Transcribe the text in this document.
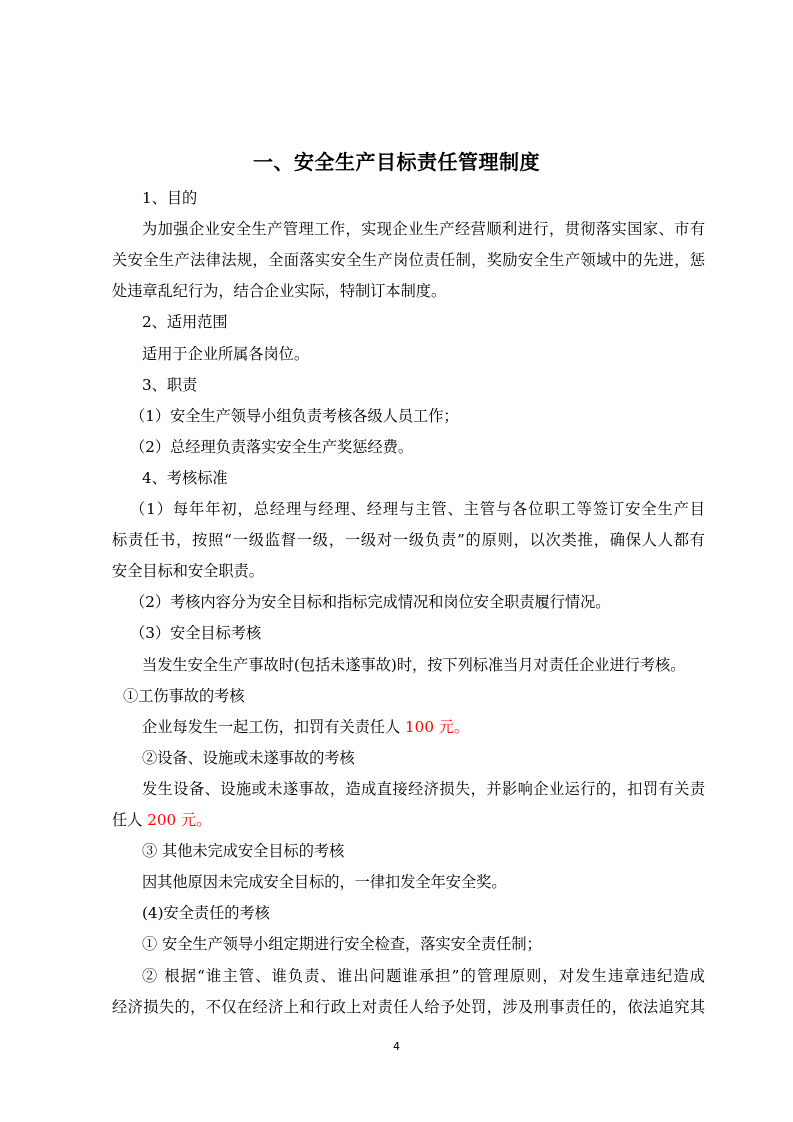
一、安全生产目标责任管理制度
1、目的
为加强企业安全生产管理工作，实现企业生产经营顺利进行，贯彻落实国家、市有
关安全生产法律法规，全面落实安全生产岗位责任制，奖励安全生产领域中的先进，惩
处违章乱纪行为，结合企业实际，特制订本制度。
2、适用范围
适用于企业所属各岗位。
3、职责
（1）安全生产领导小组负责考核各级人员工作；
（2）总经理负责落实安全生产奖惩经费。
4、考核标准
（1）每年年初，总经理与经理、经理与主管、主管与各位职工等签订安全生产目
标责任书，按照“一级监督一级，一级对一级负责”的原则，以次类推，确保人人都有
安全目标和安全职责。
（2）考核内容分为安全目标和指标完成情况和岗位安全职责履行情况。
（3）安全目标考核
当发生安全生产事故时(包括未遂事故)时，按下列标准当月对责任企业进行考核。
①工伤事故的考核
企业每发生一起工伤，扣罚有关责任人 100 元。
②设备、设施或未遂事故的考核
发生设备、设施或未遂事故，造成直接经济损失，并影响企业运行的，扣罚有关责
任人 200 元。
③ 其他未完成安全目标的考核
因其他原因未完成安全目标的，一律扣发全年安全奖。
(4)安全责任的考核
① 安全生产领导小组定期进行安全检查，落实安全责任制；
② 根据“谁主管、谁负责、谁出问题谁承担”的管理原则，对发生违章违纪造成
经济损失的，不仅在经济上和行政上对责任人给予处罚，涉及刑事责任的，依法追究其
4
